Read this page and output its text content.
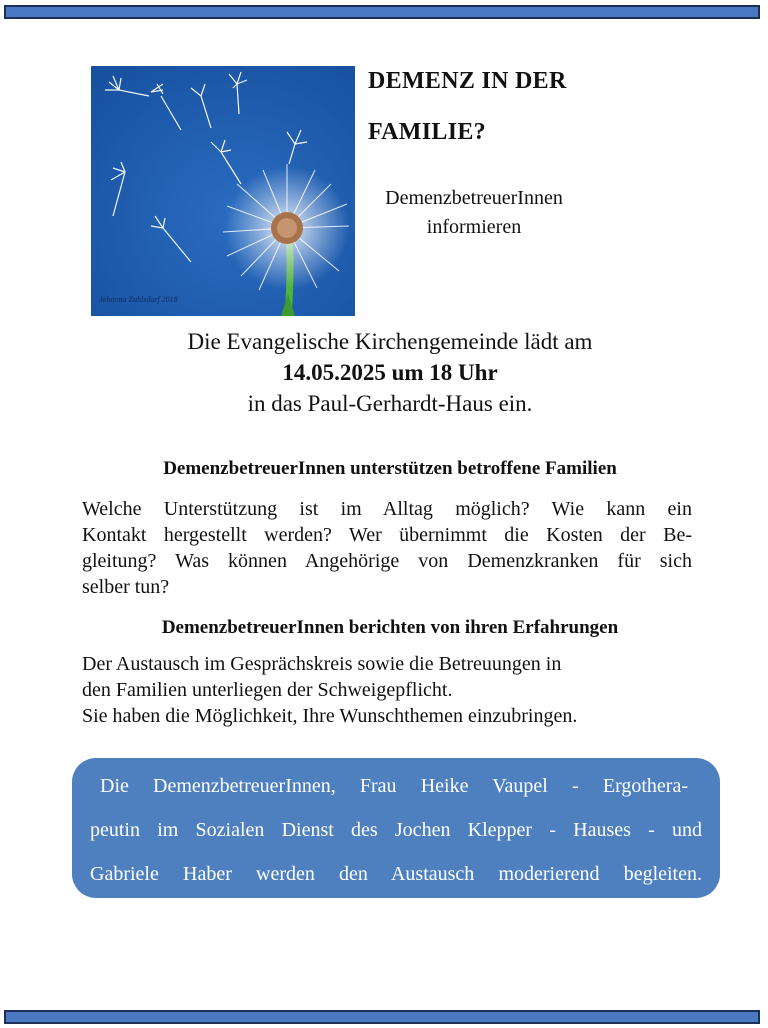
Johanna Zuhlsdorf 2018
DEMENZ IN DER
FAMILIE?
DemenzbetreuerInnen
informieren
Die Evangelische Kirchengemeinde lädt am
14.05.2025 um 18 Uhr
in das Paul-Gerhardt-Haus ein.
DemenzbetreuerInnen unterstützen betroffene Familien
Welche Unterstützung ist im Alltag möglich? Wie kann ein
Kontakt hergestellt werden? Wer übernimmt die Kosten der Be-
gleitung? Was können Angehörige von Demenzkranken für sich
selber tun?
DemenzbetreuerInnen berichten von ihren Erfahrungen
Der Austausch im Gesprächskreis sowie die Betreuungen in
den Familien unterliegen der Schweigepflicht.
Sie haben die Möglichkeit, Ihre Wunschthemen einzubringen.
Die DemenzbetreuerInnen, Frau Heike Vaupel - Ergothera-
peutin im Sozialen Dienst des Jochen Klepper - Hauses - und
Gabriele Haber werden den Austausch moderierend begleiten.
